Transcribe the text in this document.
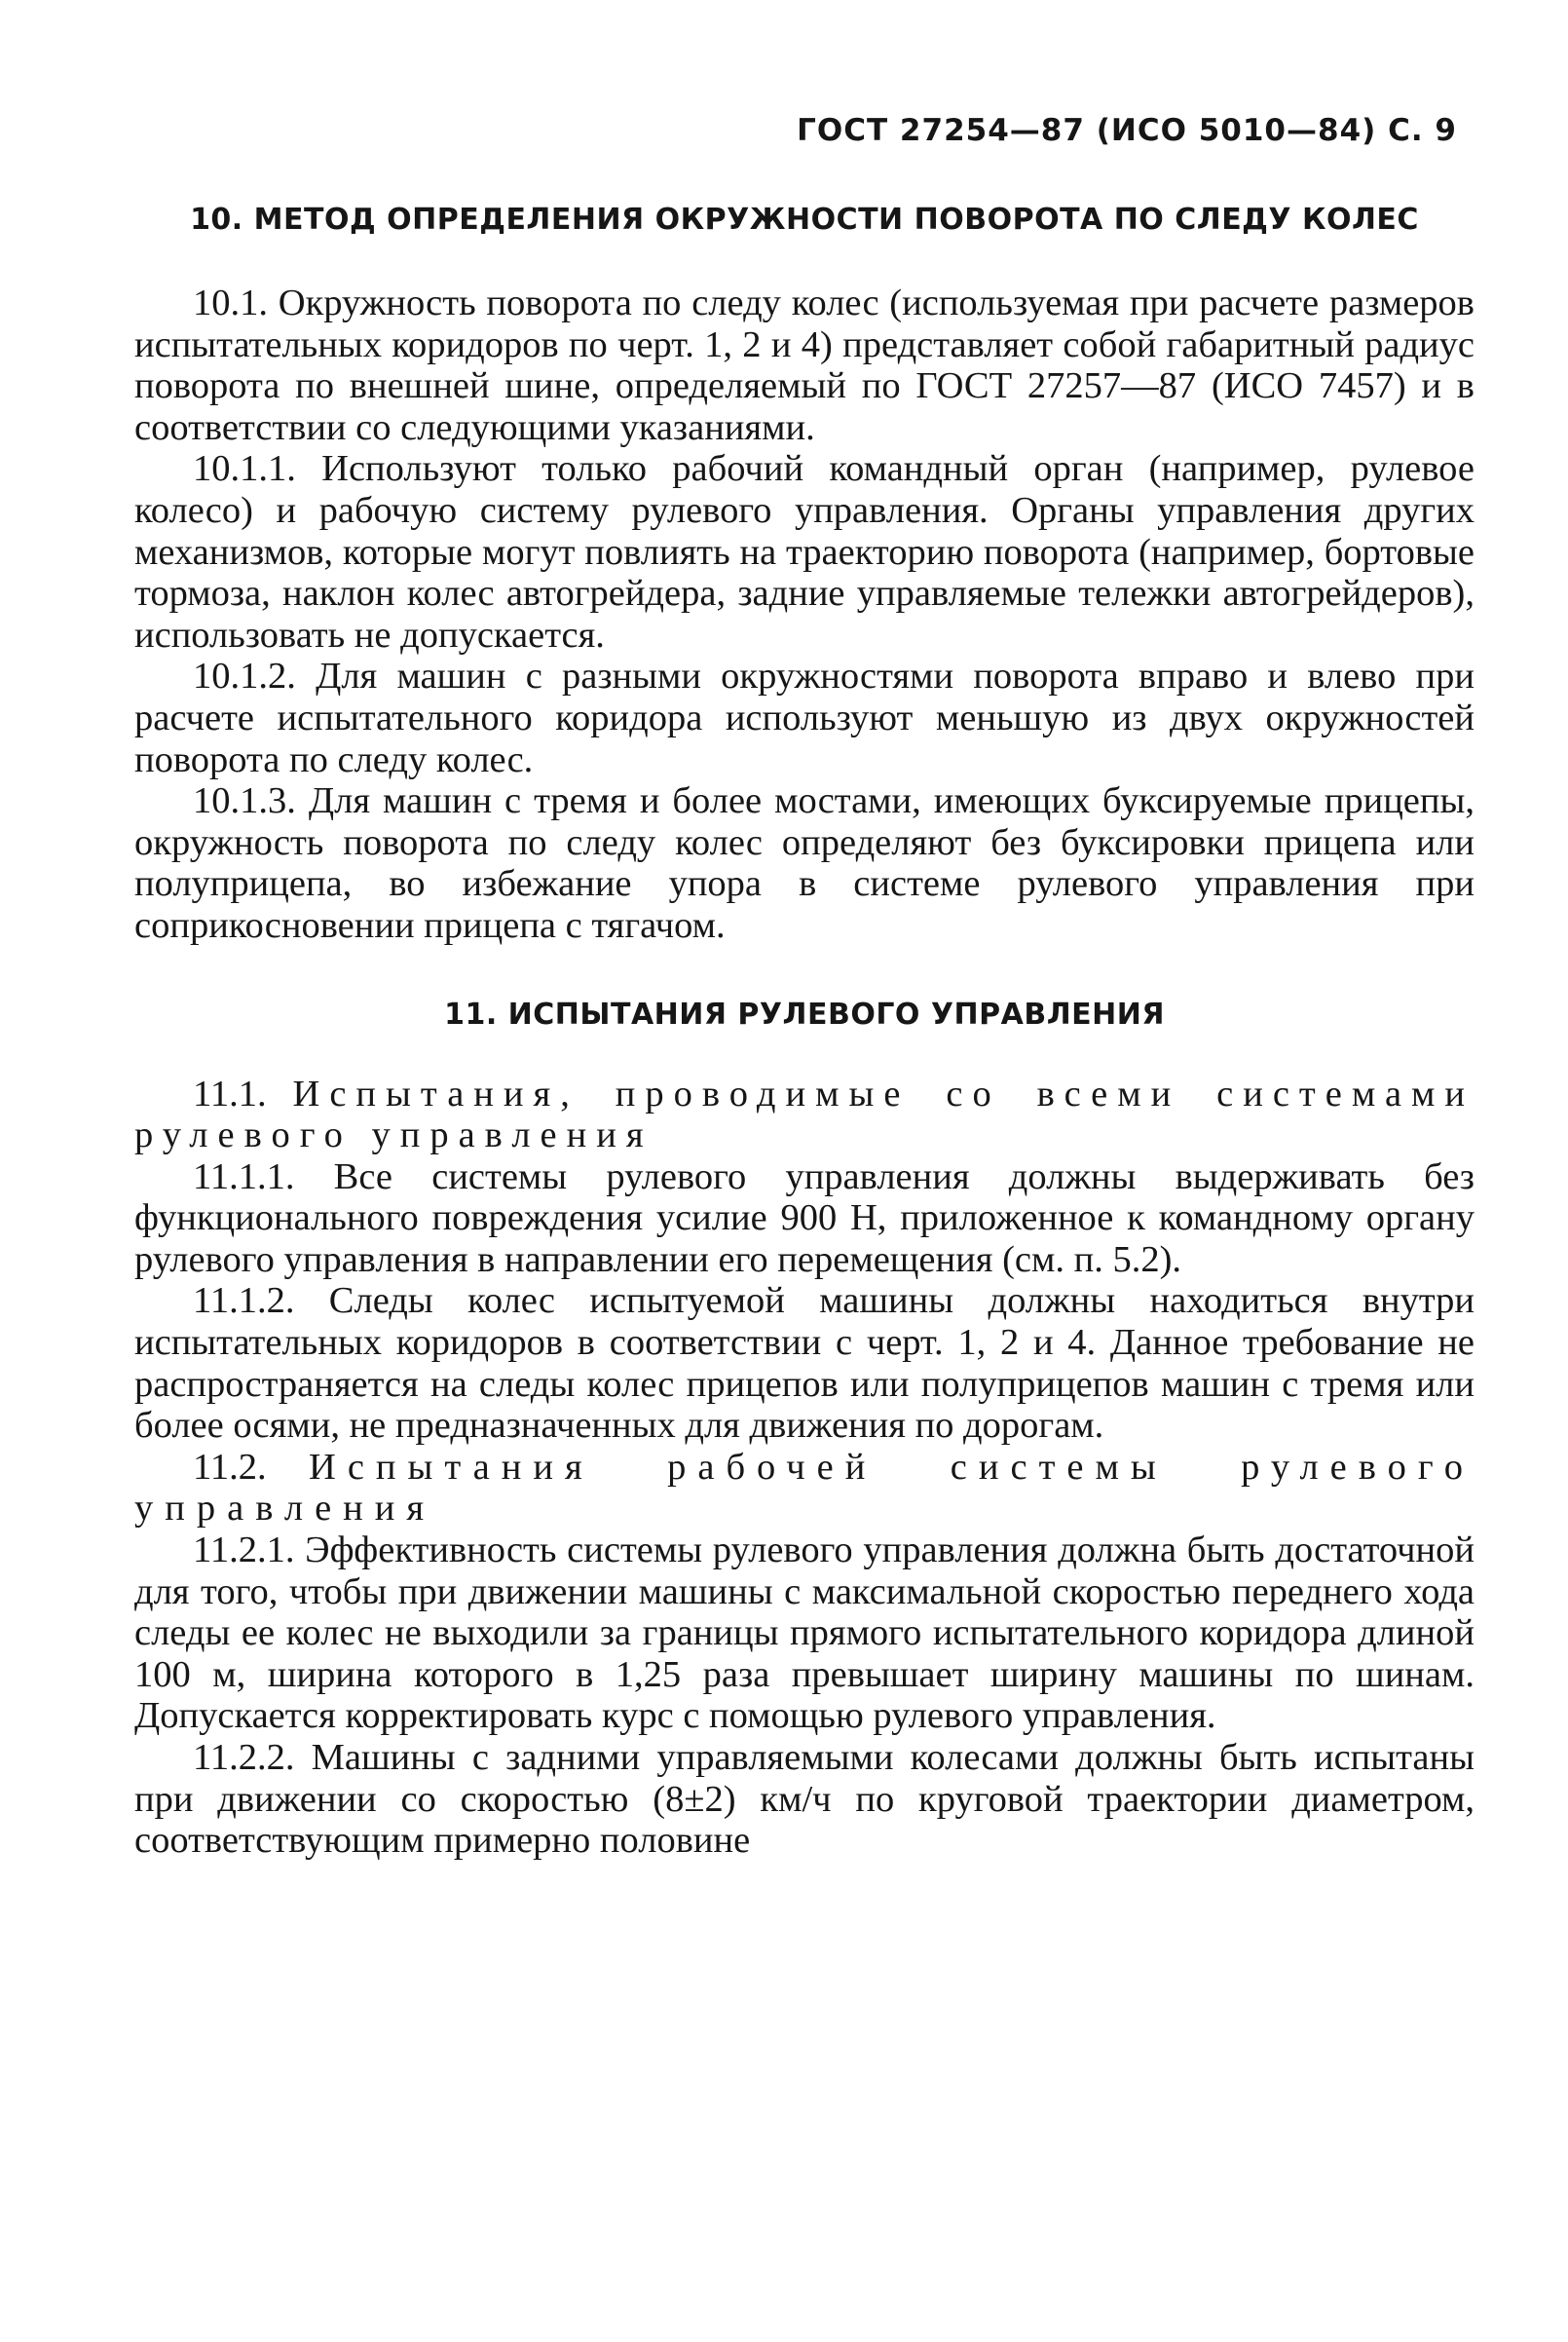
ГОСТ 27254—87 (ИСО 5010—84) С. 9
10. МЕТОД ОПРЕДЕЛЕНИЯ ОКРУЖНОСТИ ПОВОРОТА ПО СЛЕДУ КОЛЕС

10.1. Окружность поворота по следу колес (используемая при расчете размеров испытательных коридоров по черт. 1, 2 и 4) представляет собой габаритный радиус поворота по внешней шине, определяемый по ГОСТ 27257—87 (ИСО 7457) и в соответствии со следующими указаниями.

10.1.1. Используют только рабочий командный орган (например, рулевое колесо) и рабочую систему рулевого управления. Органы управления других механизмов, которые могут повлиять на траекторию поворота (например, бортовые тормоза, наклон колес автогрейдера, задние управляемые тележки автогрейдеров), использовать не допускается.

10.1.2. Для машин с разными окружностями поворота вправо и влево при расчете испытательного коридора используют меньшую из двух окружностей поворота по следу колес.

10.1.3. Для машин с тремя и более мостами, имеющих буксируемые прицепы, окружность поворота по следу колес определяют без буксировки прицепа или полуприцепа, во избежание упора в системе рулевого управления при соприкосновении прицепа с тягачом.

11. ИСПЫТАНИЯ РУЛЕВОГО УПРАВЛЕНИЯ

11.1. Испытания, проводимые со всеми системами рулевого управления

11.1.1. Все системы рулевого управления должны выдерживать без функционального повреждения усилие 900 Н, приложенное к командному органу рулевого управления в направлении его перемещения (см. п. 5.2).

11.1.2. Следы колес испытуемой машины должны находиться внутри испытательных коридоров в соответствии с черт. 1, 2 и 4. Данное требование не распространяется на следы колес прицепов или полуприцепов машин с тремя или более осями, не предназначенных для движения по дорогам.

11.2. Испытания рабочей системы рулевого управления

11.2.1. Эффективность системы рулевого управления должна быть достаточной для того, чтобы при движении машины с максимальной скоростью переднего хода следы ее колес не выходили за границы прямого испытательного коридора длиной 100 м, ширина которого в 1,25 раза превышает ширину машины по шинам. Допускается корректировать курс с помощью рулевого управления.

11.2.2. Машины с задними управляемыми колесами должны быть испытаны при движении со скоростью (8±2) км/ч по круговой траектории диаметром, соответствующим примерно половине
